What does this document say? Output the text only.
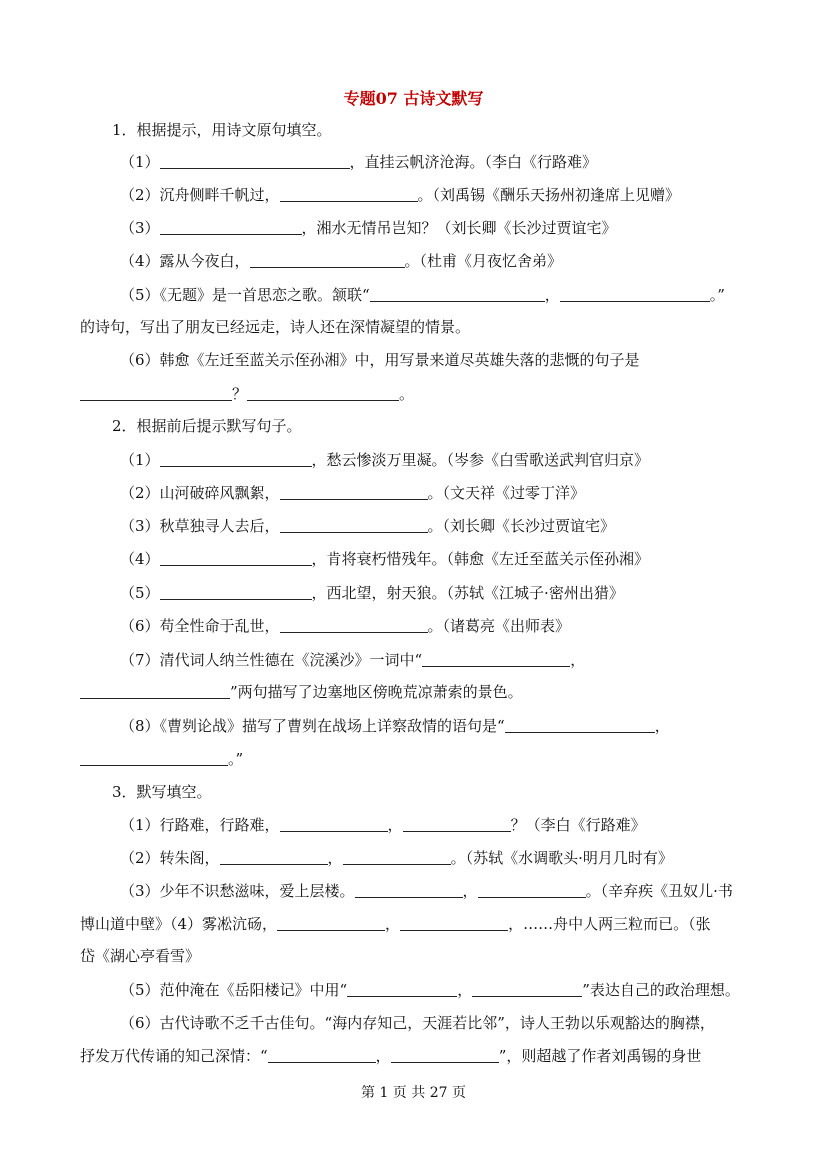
专题07 古诗文默写
1．根据提示，用诗文原句填空。
（1）	，直挂云帆济沧海。（李白《行路难》
（2）沉舟侧畔千帆过，	。（刘禹锡《酬乐天扬州初逢席上见赠》
（3）	，湘水无情吊岂知？（刘长卿《长沙过贾谊宅》
（4）露从今夜白，	。（杜甫《月夜忆舍弟》
（5）《无题》是一首思恋之歌。颔联“	，	。”
的诗句，写出了朋友已经远走，诗人还在深情凝望的情景。
（6）韩愈《左迁至蓝关示侄孙湘》中，用写景来道尽英雄失落的悲慨的句子是
？	。
2．根据前后提示默写句子。
（1）	，愁云惨淡万里凝。（岑参《白雪歌送武判官归京》
（2）山河破碎风飘絮，	。（文天祥《过零丁洋》
（3）秋草独寻人去后，	。（刘长卿《长沙过贾谊宅》
（4）	，肯将衰朽惜残年。（韩愈《左迁至蓝关示侄孙湘》
（5）	，西北望，射天狼。（苏轼《江城子·密州出猎》
（6）苟全性命于乱世，	。（诸葛亮《出师表》
（7）清代词人纳兰性德在《浣溪沙》一词中“	，
”两句描写了边塞地区傍晚荒凉萧索的景色。
（8）《曹刿论战》描写了曹刿在战场上详察敌情的语句是“	，
。”
3．默写填空。
（1）行路难，行路难，	，	？（李白《行路难》
（2）转朱阁，	，	。（苏轼《水调歌头·明月几时有》
（3）少年不识愁滋味，爱上层楼。	，	。（辛弃疾《丑奴儿·书
博山道中壁》（4）雾凇沆砀，	，	，……舟中人两三粒而已。（张
岱《湖心亭看雪》
（5）范仲淹在《岳阳楼记》中用“	，	”表达自己的政治理想。
（6）古代诗歌不乏千古佳句。“海内存知己，天涯若比邻”，诗人王勃以乐观豁达的胸襟，
抒发万代传诵的知己深情：“	，	”，则超越了作者刘禹锡的身世
第 1 页 共 27 页
